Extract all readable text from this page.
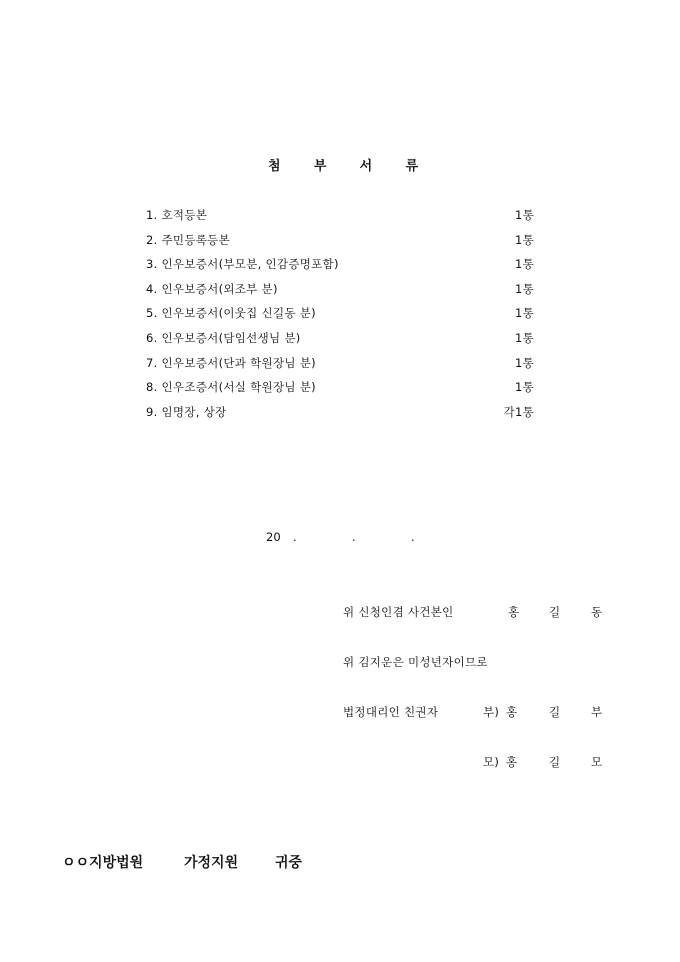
첨	부	서	류
1. 호적등본	1통
2. 주민등록등본	1통
3. 인우보증서(부모분, 인감증명포함)	1통
4. 인우보증서(외조부 분)	1통
5. 인우보증서(이웃집 신길동 분)	1통
6. 인우보증서(담임선생님 분)	1통
7. 인우보증서(단과 학원장님 분)	1통
8. 인우조증서(서실 학원장님 분)	1통
9. 임명장, 상장	각1통
20 .	.	.
위 신청인겸 사건본인	홍	길	동
위 김지운은 미성년자이므로
법정대리인 친권자	부) 홍	길	부
모) 홍	길	모
ㅇㅇ지방법원	가정지원	귀중
